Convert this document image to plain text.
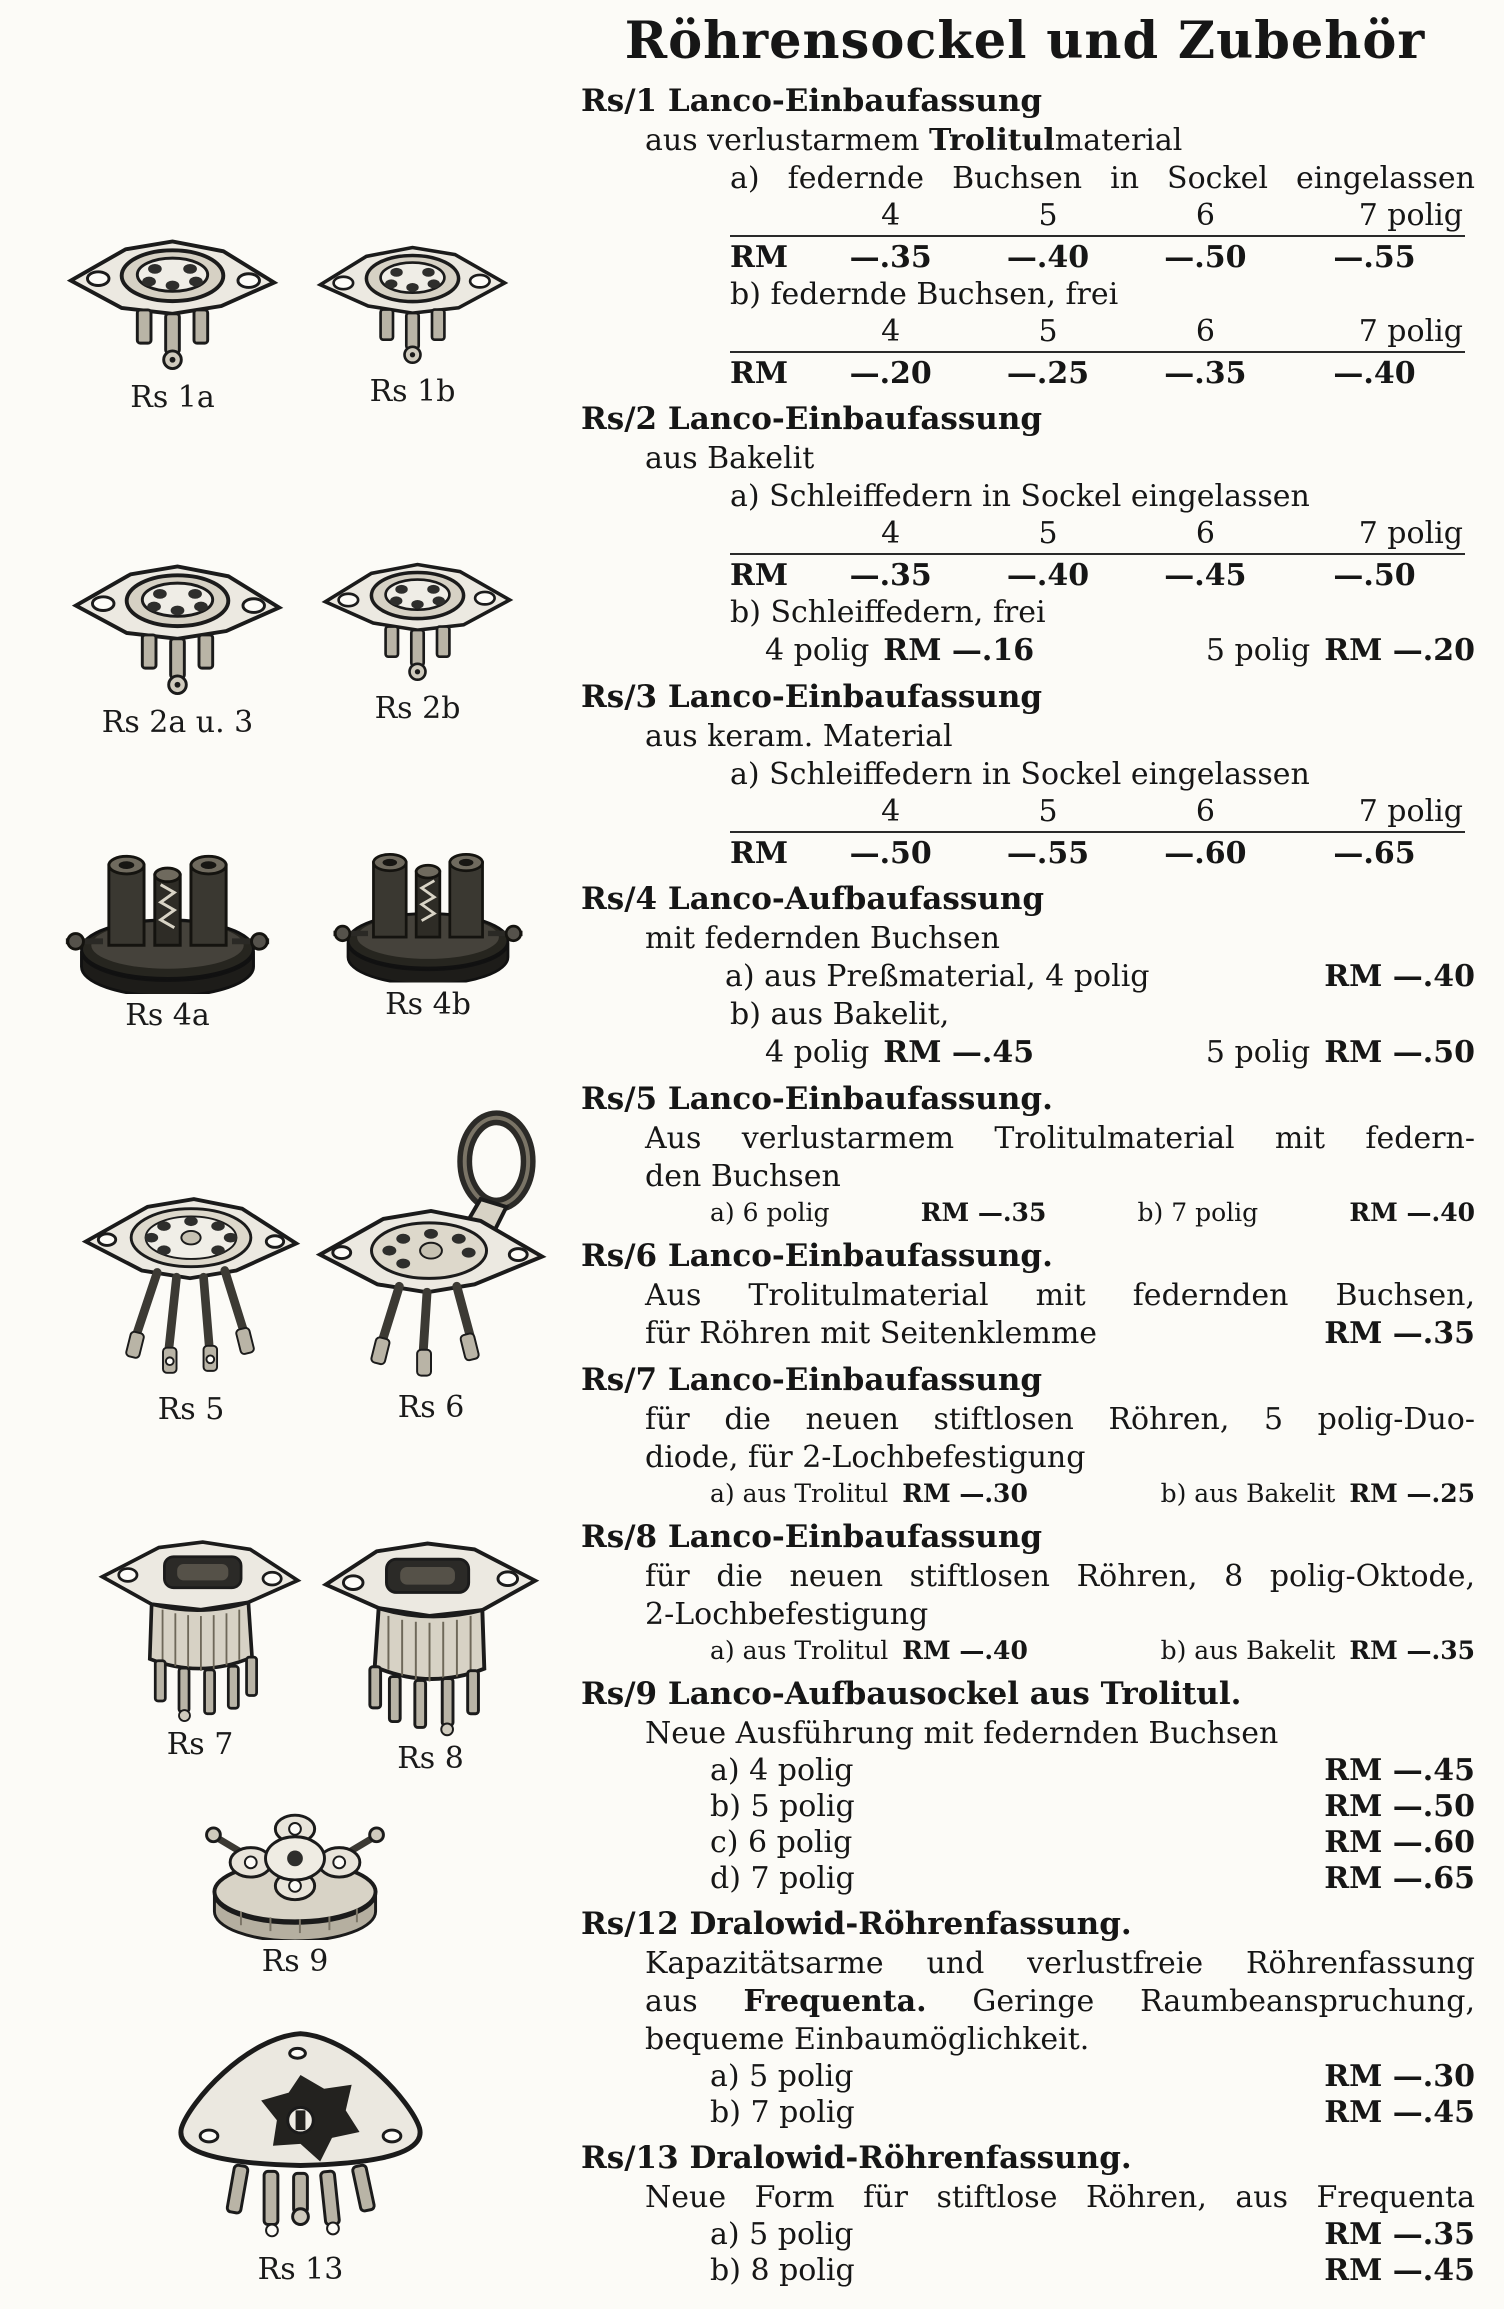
Rs 1a	Rs 1b
Rs 2a u. 3	Rs 2b
Rs 4a	Rs 4b
Rs 5	Rs 6
Rs 7	Rs 8
Rs 9
Rs 13
Röhrensockel und Zubehör
Rs/1 Lanco-Einbaufassung
aus verlustarmem Trolitulmaterial
a) federnde Buchsen in Sockel eingelassen
4	5	6	7 polig
RM	—.35	—.40	—.50	—.55
b) federnde Buchsen, frei
4	5	6	7 polig
RM	—.20	—.25	—.35	—.40
Rs/2 Lanco-Einbaufassung
aus Bakelit
a) Schleiffedern in Sockel eingelassen
4	5	6	7 polig
RM	—.35	—.40	—.45	—.50
b) Schleiffedern, frei
4 polig RM —.16	5 polig RM —.20
Rs/3 Lanco-Einbaufassung
aus keram. Material
a) Schleiffedern in Sockel eingelassen
4	5	6	7 polig
RM	—.50	—.55	—.60	—.65
Rs/4 Lanco-Aufbaufassung
mit federnden Buchsen
a) aus Preßmaterial, 4 polig	RM —.40
b) aus Bakelit,
4 polig RM —.45	5 polig RM —.50
Rs/5 Lanco-Einbaufassung.
Aus verlustarmem Trolitulmaterial mit federn-
den Buchsen
a) 6 polig	RM —.35	b) 7 polig	RM —.40
Rs/6 Lanco-Einbaufassung.
Aus Trolitulmaterial mit federnden Buchsen,
für Röhren mit Seitenklemme	RM —.35
Rs/7 Lanco-Einbaufassung
für die neuen stiftlosen Röhren, 5 polig-Duo-
diode, für 2-Lochbefestigung
a) aus Trolitul RM —.30	b) aus Bakelit RM —.25
Rs/8 Lanco-Einbaufassung
für die neuen stiftlosen Röhren, 8 polig-Oktode,
2-Lochbefestigung
a) aus Trolitul RM —.40	b) aus Bakelit RM —.35
Rs/9 Lanco-Aufbausockel aus Trolitul.
Neue Ausführung mit federnden Buchsen
a) 4 polig	RM —.45
b) 5 polig	RM —.50
c) 6 polig	RM —.60
d) 7 polig	RM —.65
Rs/12 Dralowid-Röhrenfassung.
Kapazitätsarme und verlustfreie Röhrenfassung
aus Frequenta. Geringe Raumbeanspruchung,
bequeme Einbaumöglichkeit.
a) 5 polig	RM —.30
b) 7 polig	RM —.45
Rs/13 Dralowid-Röhrenfassung.
Neue Form für stiftlose Röhren, aus Frequenta
a) 5 polig	RM —.35
b) 8 polig	RM —.45
